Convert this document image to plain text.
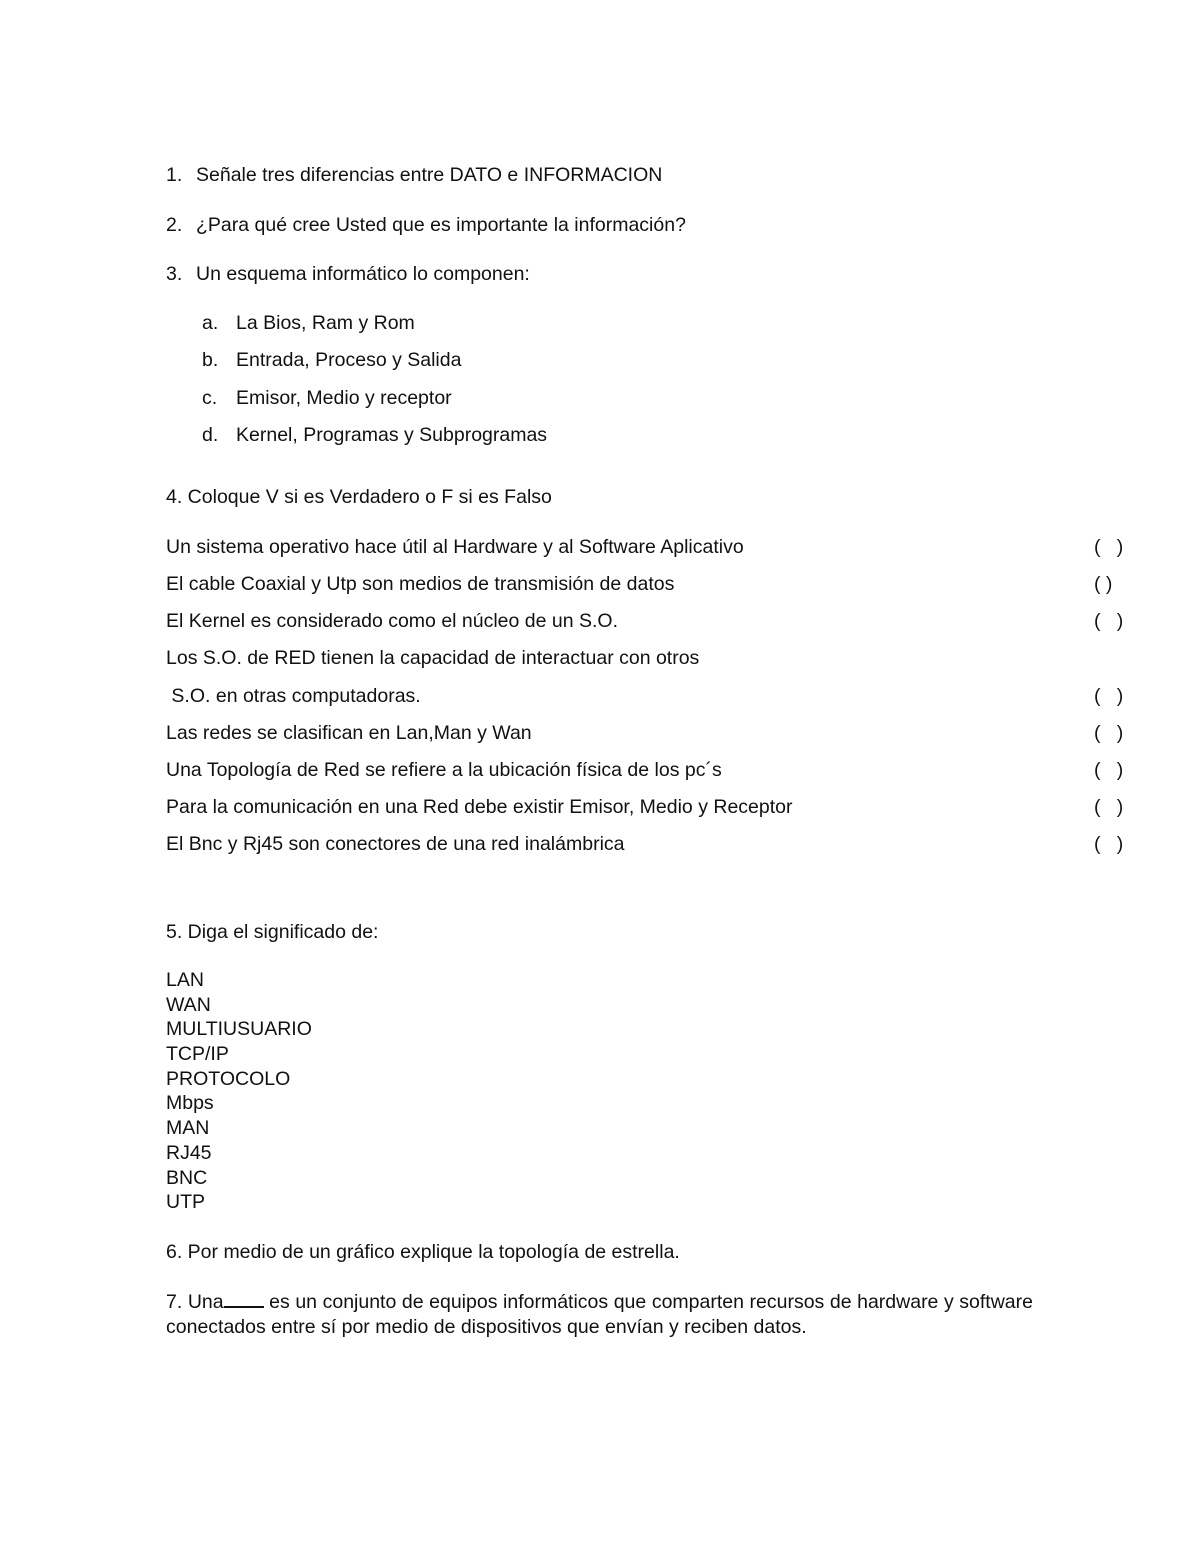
1. Señale tres diferencias entre DATO e INFORMACION
2. ¿Para qué cree Usted que es importante la información?
3. Un esquema informático lo componen:
a. La Bios, Ram y Rom
b. Entrada, Proceso y Salida
c. Emisor, Medio y receptor
d. Kernel, Programas y Subprogramas
4. Coloque V si es Verdadero o F si es Falso
Un sistema operativo hace útil al Hardware y al Software Aplicativo	(   )
El cable Coaxial y Utp son medios de transmisión de datos	( )
El Kernel es considerado como el núcleo de un S.O.	(   )
Los S.O. de RED tienen la capacidad de interactuar con otros
S.O. en otras computadoras.	(   )
Las redes se clasifican en Lan,Man y Wan	(   )
Una Topología de Red se refiere a la ubicación física de los pc´s	(   )
Para la comunicación en una Red debe existir Emisor, Medio y Receptor	(   )
El Bnc y Rj45 son conectores de una red inalámbrica	(   )
5. Diga el significado de:
LAN
WAN
MULTIUSUARIO
TCP/IP
PROTOCOLO
Mbps
MAN
RJ45
BNC
UTP
6. Por medio de un gráfico explique la topología de estrella.
7. Una es un conjunto de equipos informáticos que comparten recursos de hardware y software conectados entre sí por medio de dispositivos que envían y reciben datos.
